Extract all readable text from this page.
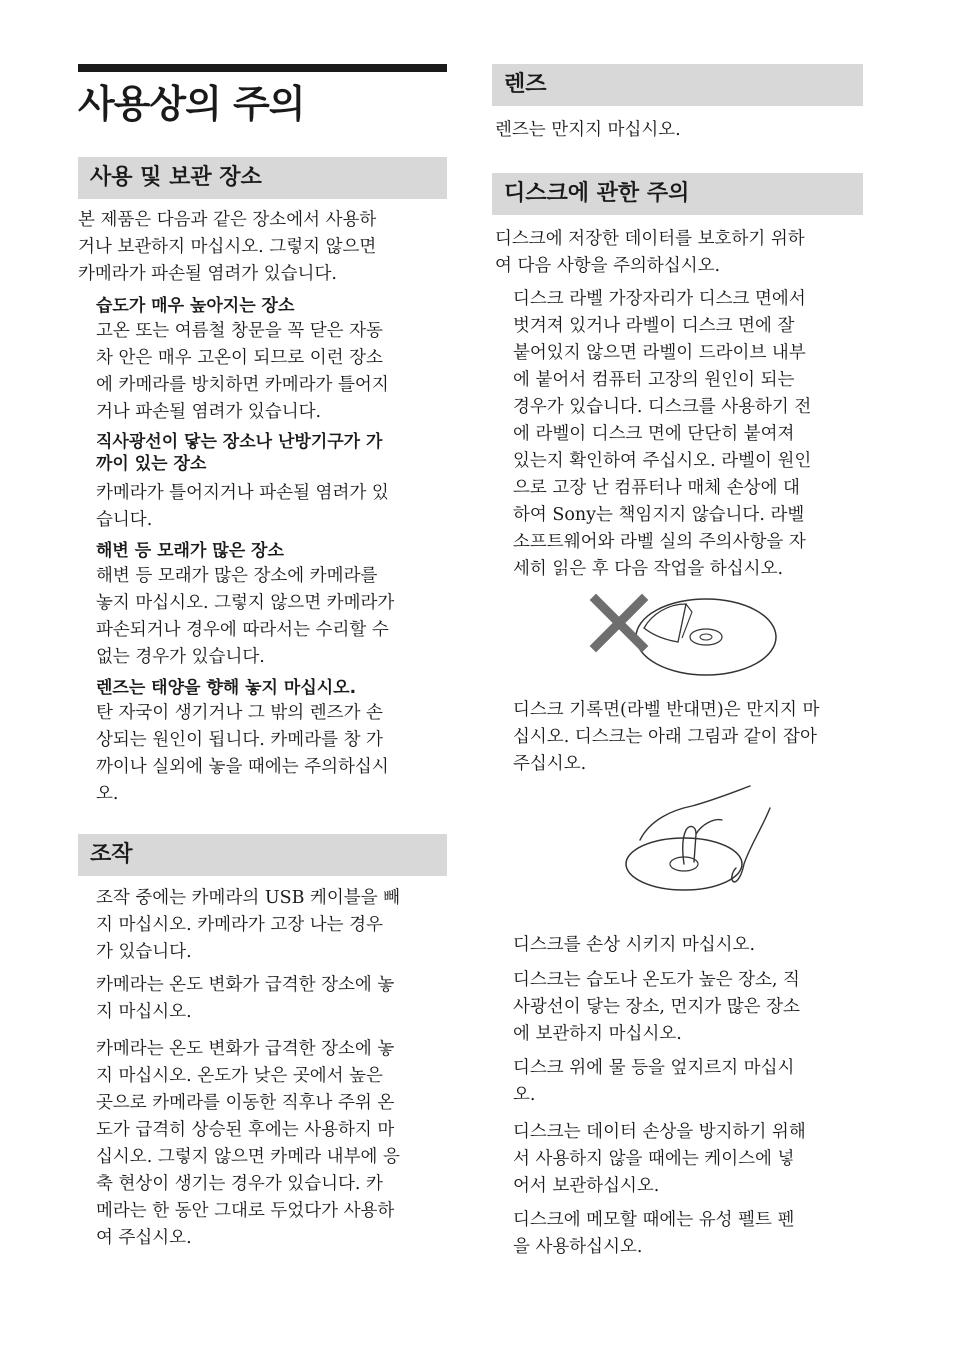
사용상의 주의
사용 및 보관 장소

본 제품은 다음과 같은 장소에서 사용하
거나 보관하지 마십시오. 그렇지 않으면
카메라가 파손될 염려가 있습니다.

습도가 매우 높아지는 장소

고온 또는 여름철 창문을 꼭 닫은 자동
차 안은 매우 고온이 되므로 이런 장소
에 카메라를 방치하면 카메라가 틀어지
거나 파손될 염려가 있습니다.

직사광선이 닿는 장소나 난방기구가 가
까이 있는 장소

카메라가 틀어지거나 파손될 염려가 있
습니다.

해변 등 모래가 많은 장소

해변 등 모래가 많은 장소에 카메라를
놓지 마십시오. 그렇지 않으면 카메라가
파손되거나 경우에 따라서는 수리할 수
없는 경우가 있습니다.

렌즈는 태양을 향해 놓지 마십시오.

탄 자국이 생기거나 그 밖의 렌즈가 손
상되는 원인이 됩니다. 카메라를 창 가
까이나 실외에 놓을 때에는 주의하십시
오.

조작

조작 중에는 카메라의 USB 케이블을 빼
지 마십시오. 카메라가 고장 나는 경우
가 있습니다.

카메라는 온도 변화가 급격한 장소에 놓
지 마십시오.

카메라는 온도 변화가 급격한 장소에 놓
지 마십시오. 온도가 낮은 곳에서 높은
곳으로 카메라를 이동한 직후나 주위 온
도가 급격히 상승된 후에는 사용하지 마
십시오. 그렇지 않으면 카메라 내부에 응
축 현상이 생기는 경우가 있습니다. 카
메라는 한 동안 그대로 두었다가 사용하
여 주십시오.

렌즈

렌즈는 만지지 마십시오.

디스크에 관한 주의

디스크에 저장한 데이터를 보호하기 위하
여 다음 사항을 주의하십시오.

디스크 라벨 가장자리가 디스크 면에서
벗겨져 있거나 라벨이 디스크 면에 잘
붙어있지 않으면 라벨이 드라이브 내부
에 붙어서 컴퓨터 고장의 원인이 되는
경우가 있습니다. 디스크를 사용하기 전
에 라벨이 디스크 면에 단단히 붙여져
있는지 확인하여 주십시오. 라벨이 원인
으로 고장 난 컴퓨터나 매체 손상에 대
하여 Sony는 책임지지 않습니다. 라벨
소프트웨어와 라벨 실의 주의사항을 자
세히 읽은 후 다음 작업을 하십시오.

디스크 기록면(라벨 반대면)은 만지지 마
십시오. 디스크는 아래 그림과 같이 잡아
주십시오.

디스크를 손상 시키지 마십시오.

디스크는 습도나 온도가 높은 장소, 직
사광선이 닿는 장소, 먼지가 많은 장소
에 보관하지 마십시오.

디스크 위에 물 등을 엎지르지 마십시
오.

디스크는 데이터 손상을 방지하기 위해
서 사용하지 않을 때에는 케이스에 넣
어서 보관하십시오.

디스크에 메모할 때에는 유성 펠트 펜
을 사용하십시오.
